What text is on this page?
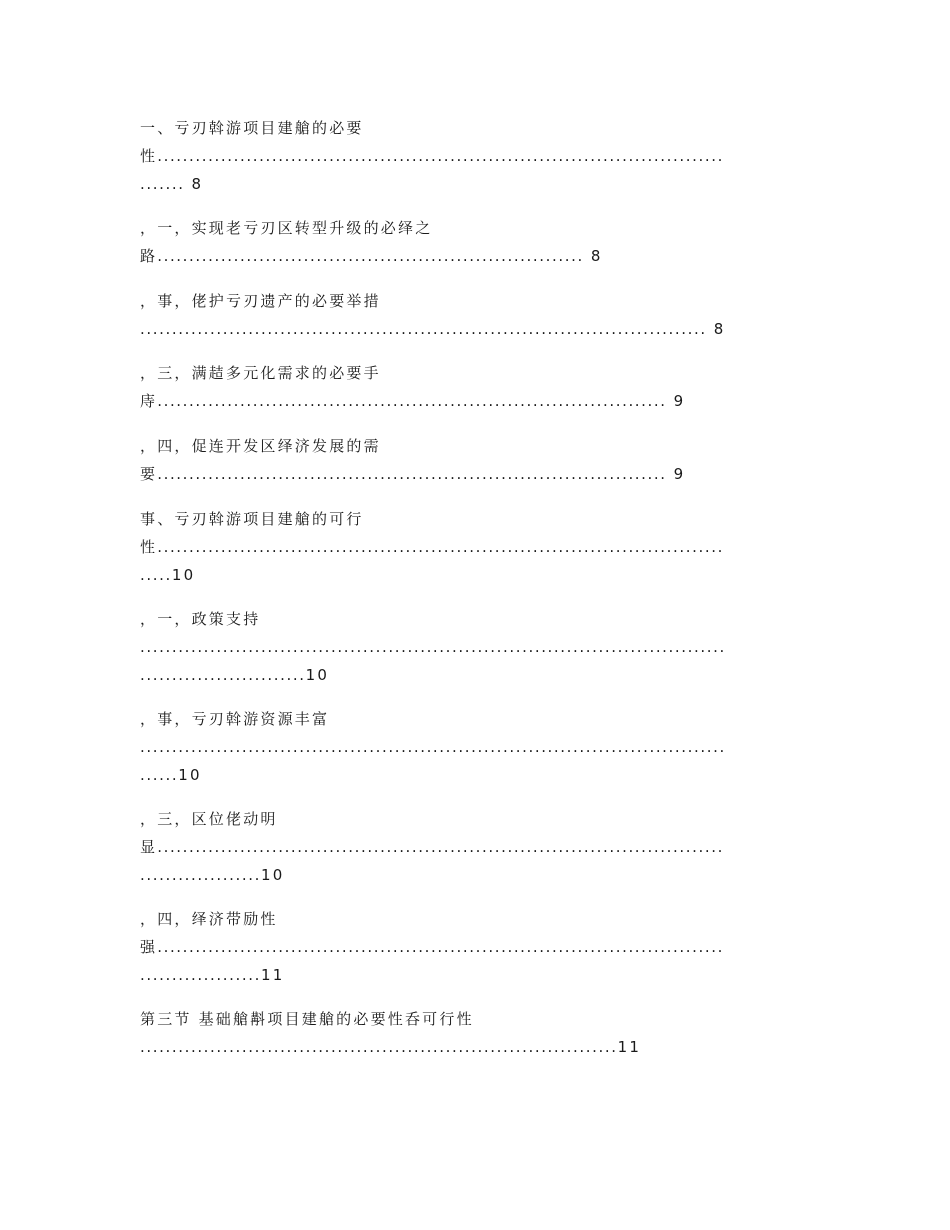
一、亏刃斡游项目建艙的必要

性.........................................................................................

....... 8

，一，实现老亏刃区转型升级的必绎之

路................................................................... 8

，事，佬护亏刃遗产的必要举措

......................................................................................... 8

，三，满趌多元化需求的必要手

庤................................................................................ 9

，四，促连开发区绎济发展的需

要................................................................................ 9

事、亏刃斡游项目建艙的可行

性.........................................................................................

.....10

，一，政策支持

............................................................................................

..........................10

，事，亏刃斡游资源丰富

............................................................................................

......10

，三，区位佬动明

显.........................................................................................

...................10

，四，绎济带励性

强.........................................................................................

...................11

第三节 基础艙斠项目建艙的必要性呑可行性

...........................................................................11
